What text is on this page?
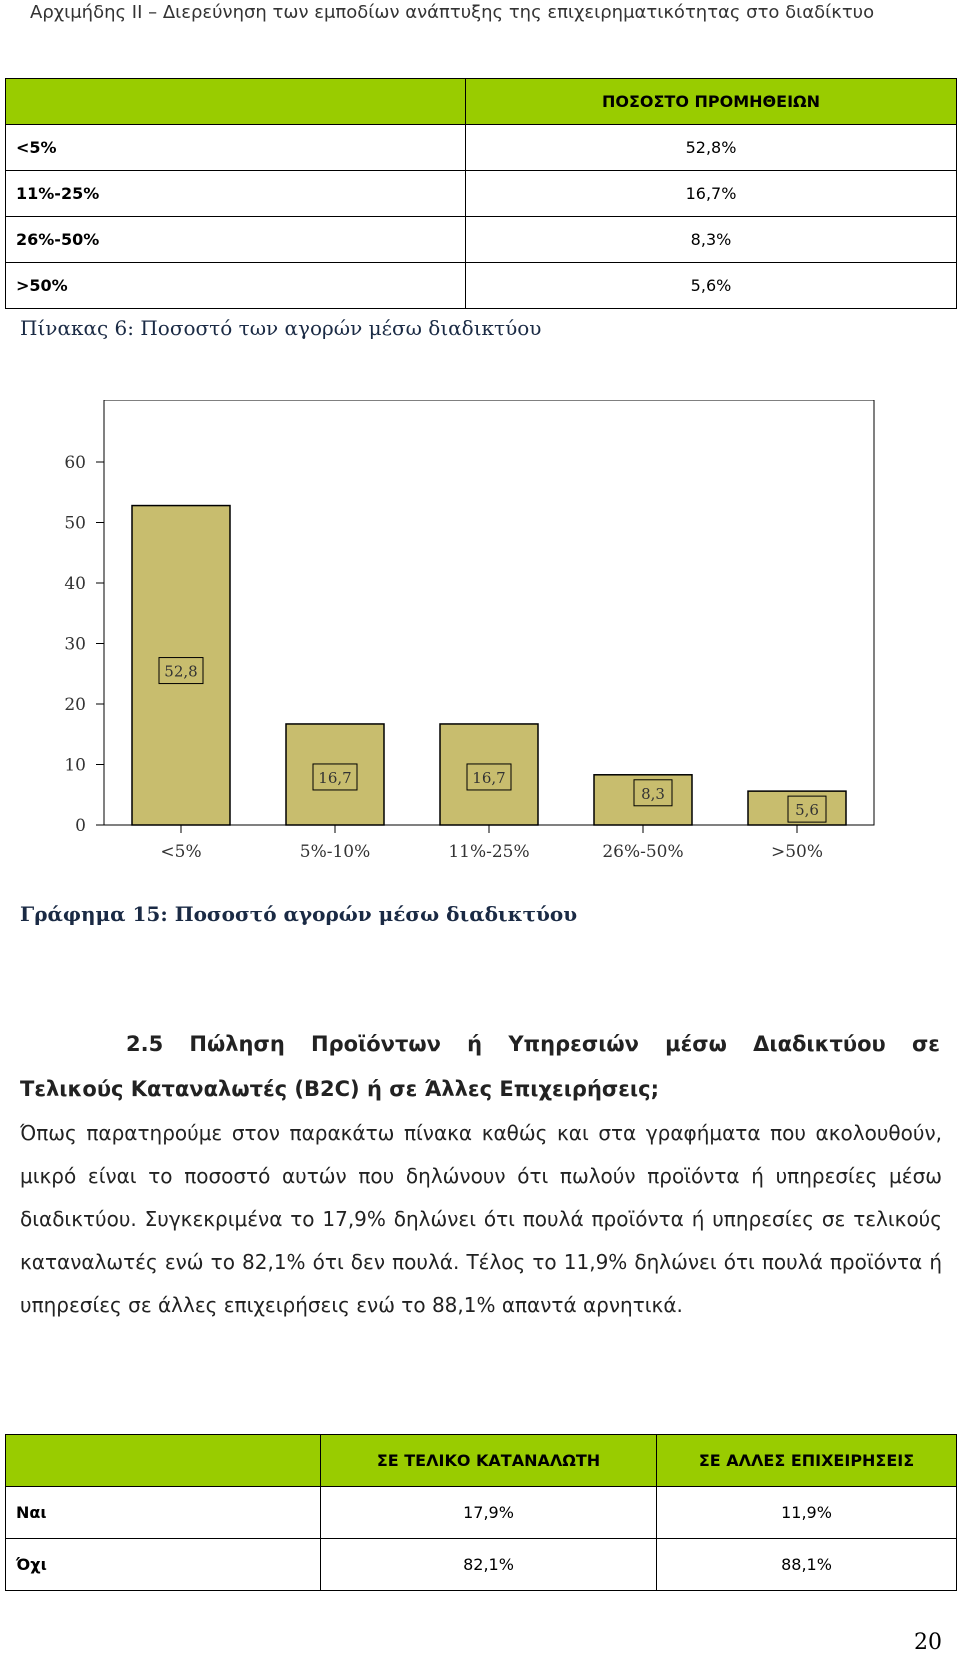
Αρχιμήδης ΙΙ – Διερεύνηση των εμποδίων ανάπτυξης της επιχειρηματικότητας στο διαδίκτυο
	ΠΟΣΟΣΤΟ ΠΡΟΜΗΘΕΙΩΝ
<5%	52,8%
11%-25%	16,7%
26%-50%	8,3%
>50%	5,6%
Πίνακας 6: Ποσοστό των αγορών μέσω διαδικτύου
0
10
20
30
40
50
60
52,8
<5%
16,7
5%-10%
16,7
11%-25%
8,3
26%-50%
5,6
>50%
Γράφημα 15: Ποσοστό αγορών μέσω διαδικτύου
2.5 Πώληση Προϊόντων ή Υπηρεσιών μέσω Διαδικτύου σε
Τελικούς Καταναλωτές (B2C) ή σε Άλλες Επιχειρήσεις;
Όπως παρατηρούμε στον παρακάτω πίνακα καθώς και στα γραφήματα που ακολουθούν, μικρό είναι το ποσοστό αυτών που δηλώνουν ότι πωλούν προϊόντα ή υπηρεσίες μέσω διαδικτύου. Συγκεκριμένα το 17,9% δηλώνει ότι πουλά προϊόντα ή υπηρεσίες σε τελικούς καταναλωτές ενώ το 82,1% ότι δεν πουλά. Τέλος το 11,9% δηλώνει ότι πουλά προϊόντα ή υπηρεσίες σε άλλες επιχειρήσεις ενώ το 88,1% απαντά αρνητικά.
	ΣΕ ΤΕΛΙΚΟ ΚΑΤΑΝΑΛΩΤΗ	ΣΕ ΑΛΛΕΣ ΕΠΙΧΕΙΡΗΣΕΙΣ
Ναι	17,9%	11,9%
Όχι	82,1%	88,1%
20
